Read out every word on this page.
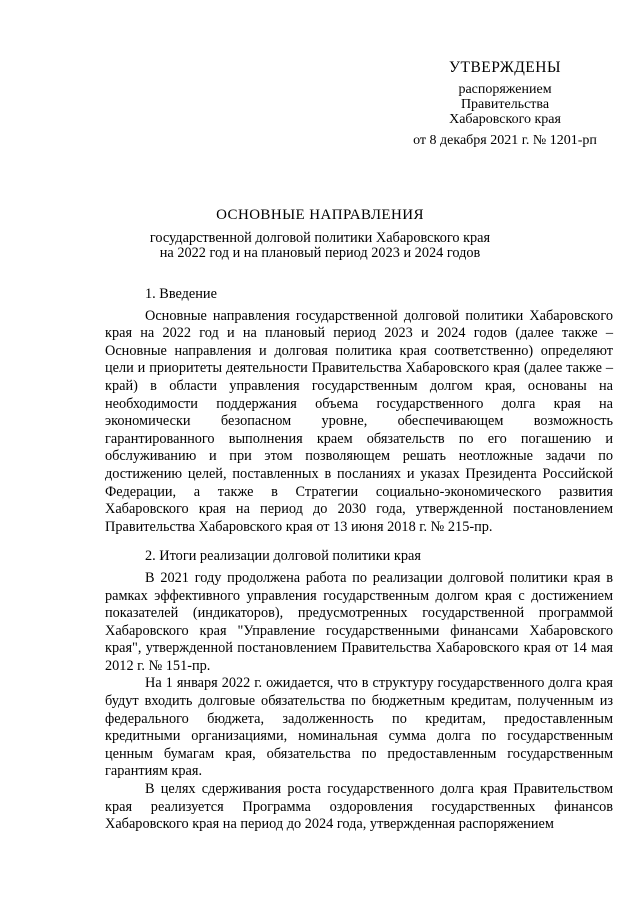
УТВЕРЖДЕНЫ
распоряжением
Правительства
Хабаровского края
от 8 декабря 2021 г. № 1201-рп
ОСНОВНЫЕ НАПРАВЛЕНИЯ
государственной долговой политики Хабаровского края
на 2022 год и на плановый период 2023 и 2024 годов

1. Введение

Основные направления государственной долговой политики Хабаровского края на 2022 год и на плановый период 2023 и 2024 годов (далее также – Основные направления и долговая политика края соответственно) определяют цели и приоритеты деятельности Правительства Хабаровского края (далее также – край) в области управления государственным долгом края, основаны на необходимости поддержания объема государственного долга края на экономически безопасном уровне, обеспечивающем возможность гарантированного выполнения краем обязательств по его погашению и обслуживанию и при этом позволяющем решать неотложные задачи по достижению целей, поставленных в посланиях и указах Президента Российской Федерации, а также в Стратегии социально-экономического развития Хабаровского края на период до 2030 года, утвержденной постановлением Правительства Хабаровского края от 13 июня 2018 г. № 215-пр.

2. Итоги реализации долговой политики края

В 2021 году продолжена работа по реализации долговой политики края в рамках эффективного управления государственным долгом края с достижением показателей (индикаторов), предусмотренных государственной программой Хабаровского края "Управление государственными финансами Хабаровского края", утвержденной постановлением Правительства Хабаровского края от 14 мая 2012 г. № 151-пр.

На 1 января 2022 г. ожидается, что в структуру государственного долга края будут входить долговые обязательства по бюджетным кредитам, полученным из федерального бюджета, задолженность по кредитам, предоставленным кредитными организациями, номинальная сумма долга по государственным ценным бумагам края, обязательства по предоставленным государственным гарантиям края.

В целях сдерживания роста государственного долга края Правительством края реализуется Программа оздоровления государственных финансов Хабаровского края на период до 2024 года, утвержденная распоряжением
